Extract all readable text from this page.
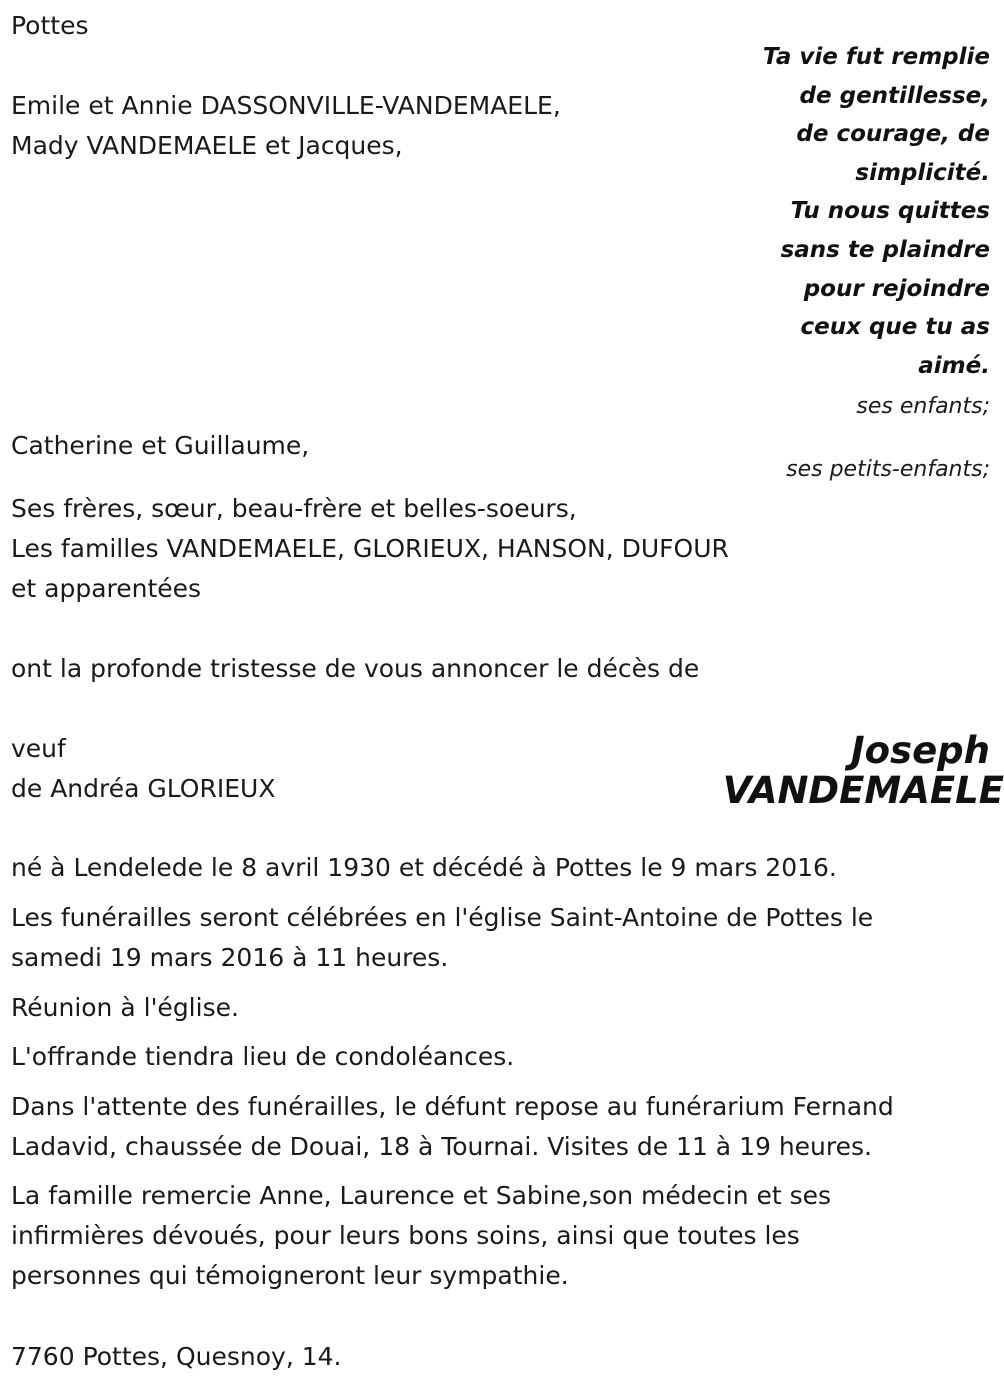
Pottes

Emile et Annie DASSONVILLE-VANDEMAELE,

Mady VANDEMAELE et Jacques,

Catherine et Guillaume,

Ses frères, sœur, beau-frère et belles-soeurs,

Les familles VANDEMAELE, GLORIEUX, HANSON, DUFOUR

et apparentées

Ta vie fut remplie
de gentillesse,
de courage, de
simplicité.
Tu nous quittes
sans te plaindre
pour rejoindre
ceux que tu as
aimé.
ses enfants;
ses petits-enfants;

ont la profonde tristesse de vous annoncer le décès de

veuf

de Andréa GLORIEUX

Joseph
VANDEMAELE

né à Lendelede le 8 avril 1930 et décédé à Pottes le 9 mars 2016.

Les funérailles seront célébrées en l'église Saint-Antoine de Pottes le samedi 19 mars 2016 à 11 heures.

Réunion à l'église.

L'offrande tiendra lieu de condoléances.

Dans l'attente des funérailles, le défunt repose au funérarium Fernand Ladavid, chaussée de Douai, 18 à Tournai. Visites de 11 à 19 heures.

La famille remercie Anne, Laurence et Sabine,son médecin et ses infirmières dévoués, pour leurs bons soins, ainsi que toutes les personnes qui témoigneront leur sympathie.

7760 Pottes, Quesnoy, 14.
